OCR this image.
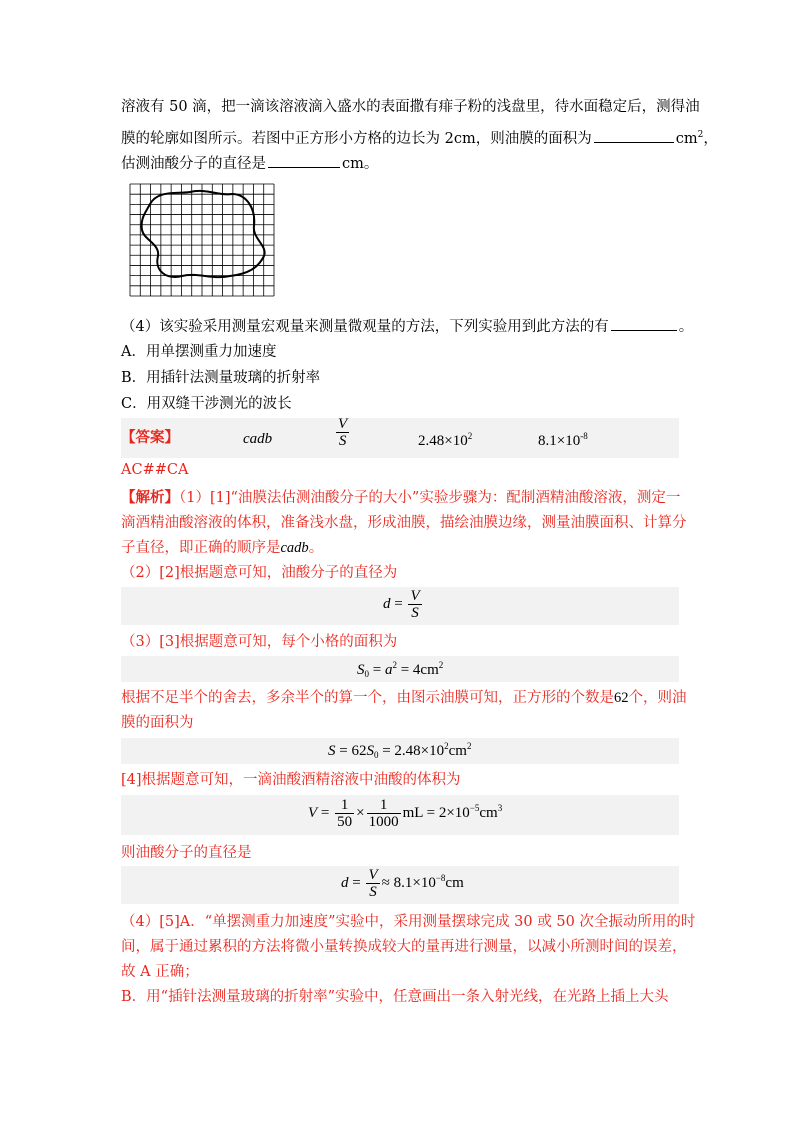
溶液有 50 滴，把一滴该溶液滴入盛水的表面撒有痱子粉的浅盘里，待水面稳定后，测得油
膜的轮廓如图所示。若图中正方形小方格的边长为 2cm，则油膜的面积为	$cm^2$，
估测油酸分子的直径是	cm。
（4）该实验采用测量宏观量来测量微观量的方法，下列实验用到此方法的有	。
A．用单摆测重力加速度
B．用插针法测量玻璃的折射率
C．用双缝干涉测光的波长
【答案】	cadb	$\frac{V}{S}$	$2.48\times 10^2$	$8.1\times 10^{-8}$
AC##CA
【解析】（1）[1]“油膜法估测油酸分子的大小”实验步骤为：配制酒精油酸溶液，测定一
滴酒精油酸溶液的体积，准备浅水盘，形成油膜，描绘油膜边缘，测量油膜面积、计算分
子直径，即正确的顺序是cadb。
（2）[2]根据题意可知，油酸分子的直径为
$d = \frac{V}{S}$
（3）[3]根据题意可知，每个小格的面积为
$S_0 = a^2 = 4cm^2$
根据不足半个的舍去，多余半个的算一个，由图示油膜可知，正方形的个数是62个，则油
膜的面积为
$S = 62S_0 = 2.48\times 10^2cm^2$
[4]根据题意可知，一滴油酸酒精溶液中油酸的体积为
$V = \frac{1}{50} \times \frac{1}{1000}$ mL = $2\times 10^{-5}cm^3$
则油酸分子的直径是
$d = \frac{V}{S} \approx 8.1\times 10^{-8}cm$
（4）[5]A．“单摆测重力加速度”实验中，采用测量摆球完成 30 或 50 次全振动所用的时
间，属于通过累积的方法将微小量转换成较大的量再进行测量，以减小所测时间的误差，
故 A 正确；
B．用“插针法测量玻璃的折射率”实验中，任意画出一条入射光线，在光路上插上大头
